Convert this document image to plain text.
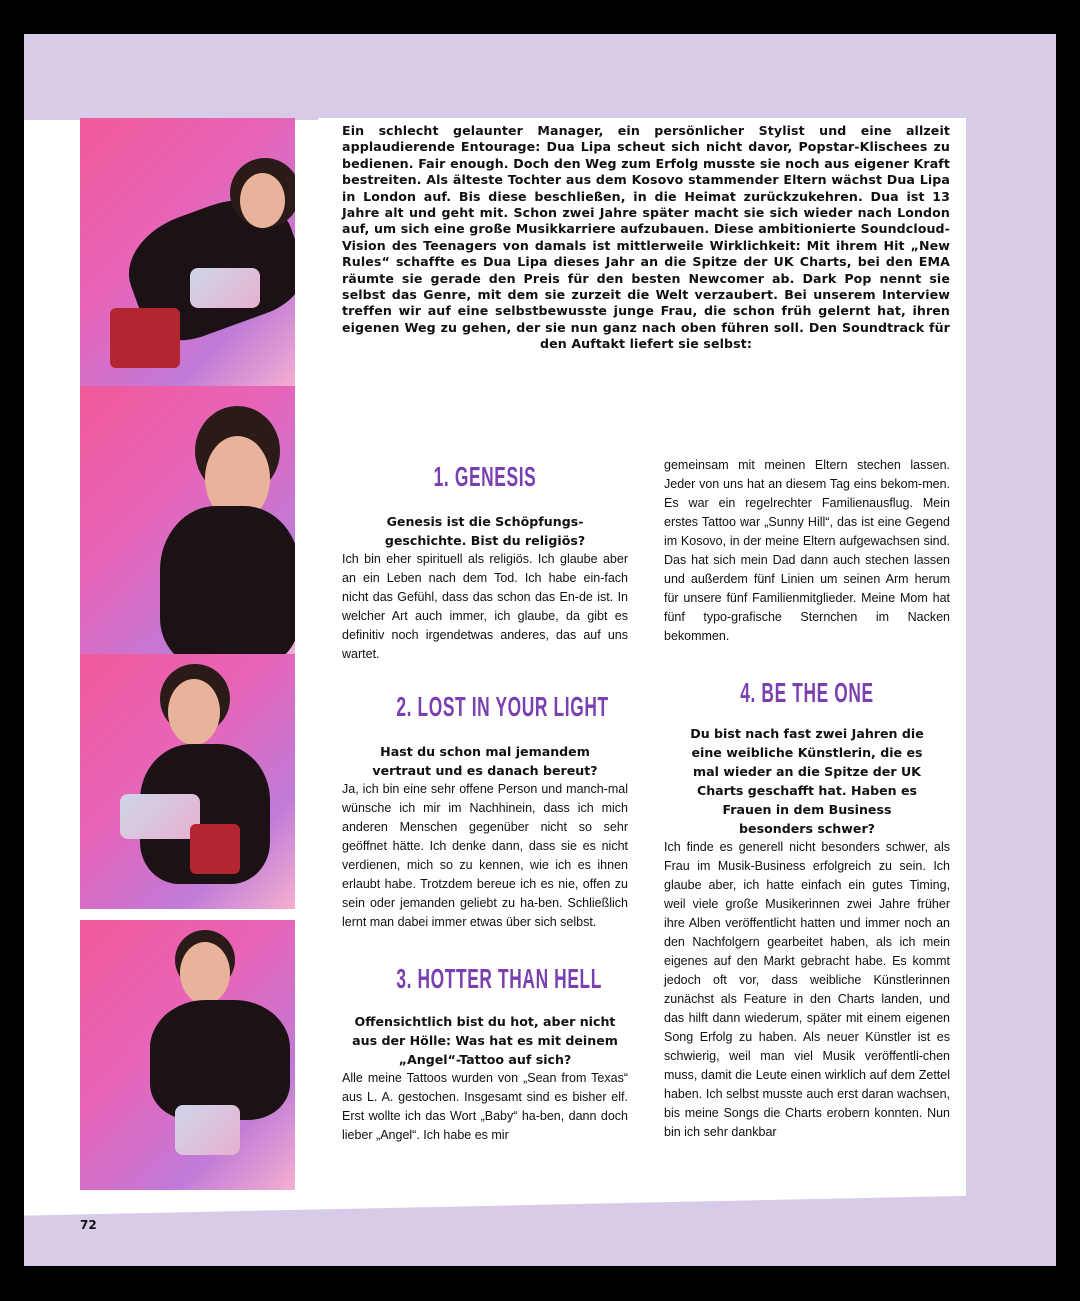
Ein schlecht gelaunter Manager, ein persönlicher Stylist und eine allzeit applaudierende Entourage: Dua Lipa scheut sich nicht davor, Popstar-Klischees zu bedienen. Fair enough. Doch den Weg zum Erfolg musste sie noch aus eigener Kraft bestreiten. Als älteste Tochter aus dem Kosovo stammender Eltern wächst Dua Lipa in London auf. Bis diese beschließen, in die Heimat zurückzukehren. Dua ist 13 Jahre alt und geht mit. Schon zwei Jahre später macht sie sich wieder nach London auf, um sich eine große Musikkarriere aufzubauen. Diese ambitionierte Soundcloud-Vision des Teenagers von damals ist mittlerweile Wirklichkeit: Mit ihrem Hit „New Rules“ schaffte es Dua Lipa dieses Jahr an die Spitze der UK Charts, bei den EMA räumte sie gerade den Preis für den besten Newcomer ab. Dark Pop nennt sie selbst das Genre, mit dem sie zurzeit die Welt verzaubert. Bei unserem Interview treffen wir auf eine selbstbewusste junge Frau, die schon früh gelernt hat, ihren eigenen Weg zu gehen, der sie nun ganz nach oben führen soll. Den Soundtrack für den Auftakt liefert sie selbst:
1. GENESIS

Genesis ist die Schöpfungs-geschichte. Bist du religiös?

Ich bin eher spirituell als religiös. Ich glaube aber an ein Leben nach dem Tod. Ich habe ein-fach nicht das Gefühl, dass das schon das En-de ist. In welcher Art auch immer, ich glaube, da gibt es definitiv noch irgendetwas anderes, das auf uns wartet.

2. LOST IN YOUR LIGHT

Hast du schon mal jemandem vertraut und es danach bereut?

Ja, ich bin eine sehr offene Person und manch-mal wünsche ich mir im Nachhinein, dass ich mich anderen Menschen gegenüber nicht so sehr geöffnet hätte. Ich denke dann, dass sie es nicht verdienen, mich so zu kennen, wie ich es ihnen erlaubt habe. Trotzdem bereue ich es nie, offen zu sein oder jemanden geliebt zu ha-ben. Schließlich lernt man dabei immer etwas über sich selbst.

3. HOTTER THAN HELL

Offensichtlich bist du hot, aber nicht aus der Hölle: Was hat es mit deinem „Angel“-Tattoo auf sich?

Alle meine Tattoos wurden von „Sean from Texas“ aus L. A. gestochen. Insgesamt sind es bisher elf. Erst wollte ich das Wort „Baby“ ha-ben, dann doch lieber „Angel“. Ich habe es mir

gemeinsam mit meinen Eltern stechen lassen. Jeder von uns hat an diesem Tag eins bekom-men. Es war ein regelrechter Familienausflug. Mein erstes Tattoo war „Sunny Hill“, das ist eine Gegend im Kosovo, in der meine Eltern aufgewachsen sind. Das hat sich mein Dad dann auch stechen lassen und außerdem fünf Linien um seinen Arm herum für unsere fünf Familienmitglieder. Meine Mom hat fünf typo-grafische Sternchen im Nacken bekommen.

4. BE THE ONE

Du bist nach fast zwei Jahren die eine weibliche Künstlerin, die es mal wieder an die Spitze der UK Charts geschafft hat. Haben es Frauen in dem Business besonders schwer?

Ich finde es generell nicht besonders schwer, als Frau im Musik-Business erfolgreich zu sein. Ich glaube aber, ich hatte einfach ein gutes Timing, weil viele große Musikerinnen zwei Jahre früher ihre Alben veröffentlicht hatten und immer noch an den Nachfolgern gearbeitet haben, als ich mein eigenes auf den Markt gebracht habe. Es kommt jedoch oft vor, dass weibliche Künstlerinnen zunächst als Feature in den Charts landen, und das hilft dann wiederum, später mit einem eigenen Song Erfolg zu haben. Als neuer Künstler ist es schwierig, weil man viel Musik veröffentli-chen muss, damit die Leute einen wirklich auf dem Zettel haben. Ich selbst musste auch erst daran wachsen, bis meine Songs die Charts erobern konnten. Nun bin ich sehr dankbar

72
